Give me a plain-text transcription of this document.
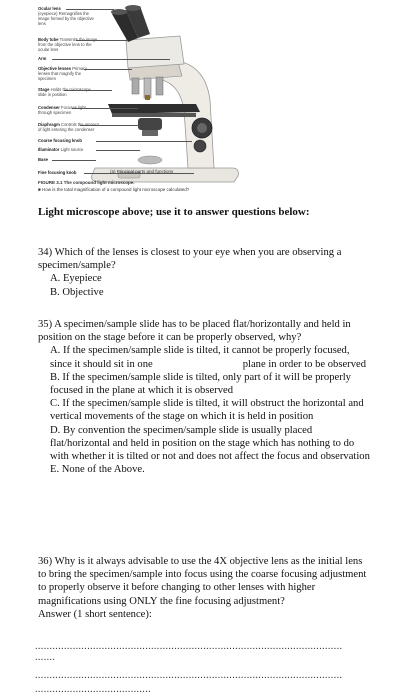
Ocular lens
(eyepiece) Remagnifies the image formed by the objective lens
Body tube Transmits the image from the objective lens to the ocular lens
Arm
Objective lenses Primary lenses that magnify the specimen
Stage Holds the microscope slide in position
Condenser Focuses light through specimen
Diaphragm Controls the amount of light entering the condenser
Coarse focusing knob
Illuminator Light source
Base
Fine focusing knob	(a) Principal parts and functions
FIGURE 3.1 The compound light microscope.
■ How is the total magnification of a compound light microscope calculated?
Light microscope above; use it to answer questions below:
34) Which of the lenses is closest to your eye when you are observing a specimen/sample?
A. Eyepiece
B. Objective
35) A specimen/sample slide has to be placed flat/horizontally and held in position on the stage before it can be properly observed, why?
A. If the specimen/sample slide is tilted, it cannot be properly focused, since it should sit in one                                  plane in order to be observed
B. If the specimen/sample slide is tilted, only part of it will be properly focused in the plane at which it is observed
C. If the specimen/sample slide is tilted, it will obstruct the horizontal and vertical movements of the stage on which it is held in position
D. By convention the specimen/sample slide is usually placed flat/horizontal and held in position on the stage which has nothing to do with whether it is tilted or not and does not affect the focus and observation
E. None of the Above.
36) Why is it always advisable to use the 4X objective lens as the initial lens to bring the specimen/sample into focus using the coarse focusing adjustment to properly observe it before changing to other lenses with higher magnifications using ONLY the fine focusing adjustment?
Answer (1 short sentence):
..........................................................................................................
.......
..........................................................................................................
........................................
